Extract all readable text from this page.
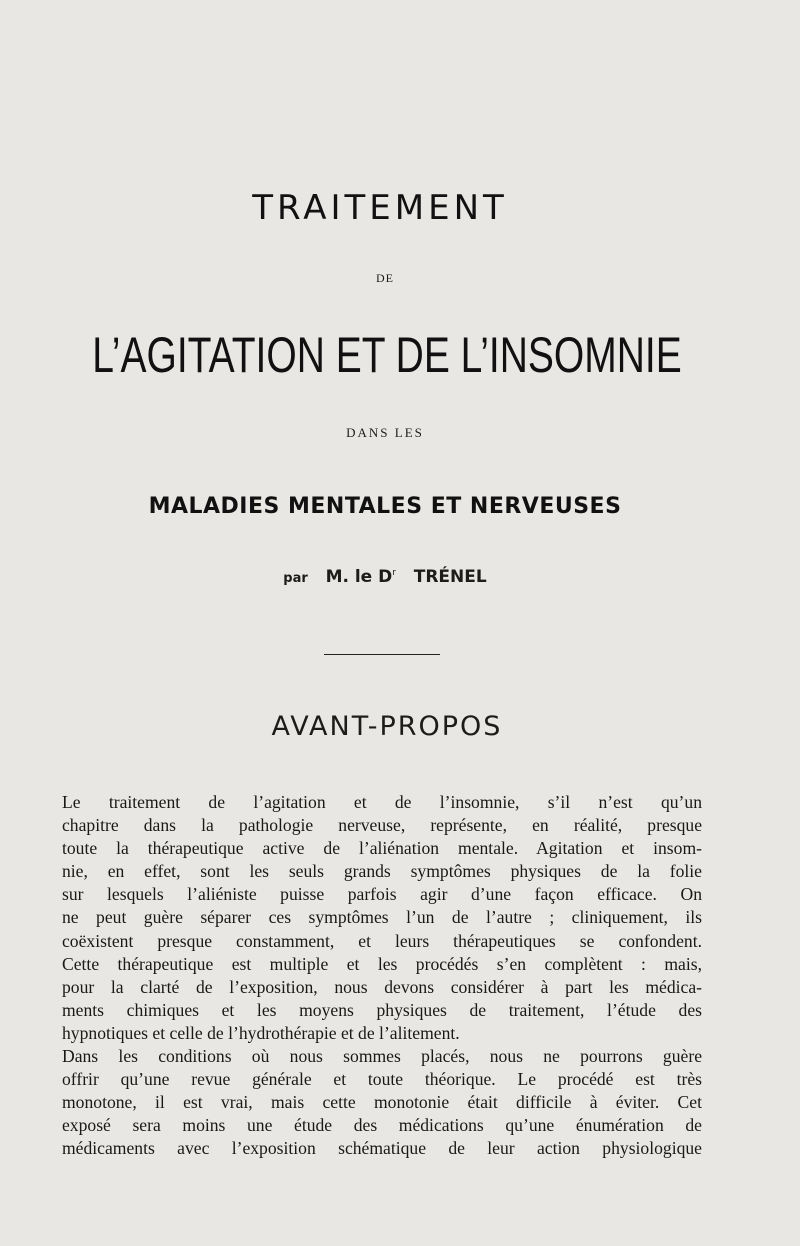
TRAITEMENT
DE
L’AGITATION ET DE L’INSOMNIE
DANS LES
MALADIES MENTALES ET NERVEUSES
par M. le $D^r$ TRÉNEL
AVANT-PROPOS
Le traitement de l’agitation et de l’insomnie, s’il n’est qu’un
chapitre dans la pathologie nerveuse, représente, en réalité, presque
toute la thérapeutique active de l’aliénation mentale. Agitation et insom-
nie, en effet, sont les seuls grands symptômes physiques de la folie
sur lesquels l’aliéniste puisse parfois agir d’une façon efficace. On
ne peut guère séparer ces symptômes l’un de l’autre ; cliniquement, ils
coëxistent presque constamment, et leurs thérapeutiques se confondent.
Cette thérapeutique est multiple et les procédés s’en complètent : mais,
pour la clarté de l’exposition, nous devons considérer à part les médica-
ments chimiques et les moyens physiques de traitement, l’étude des
hypnotiques et celle de l’hydrothérapie et de l’alitement.
Dans les conditions où nous sommes placés, nous ne pourrons guère
offrir qu’une revue générale et toute théorique. Le procédé est très
monotone, il est vrai, mais cette monotonie était difficile à éviter. Cet
exposé sera moins une étude des médications qu’une énumération de
médicaments avec l’exposition schématique de leur action physiologique
